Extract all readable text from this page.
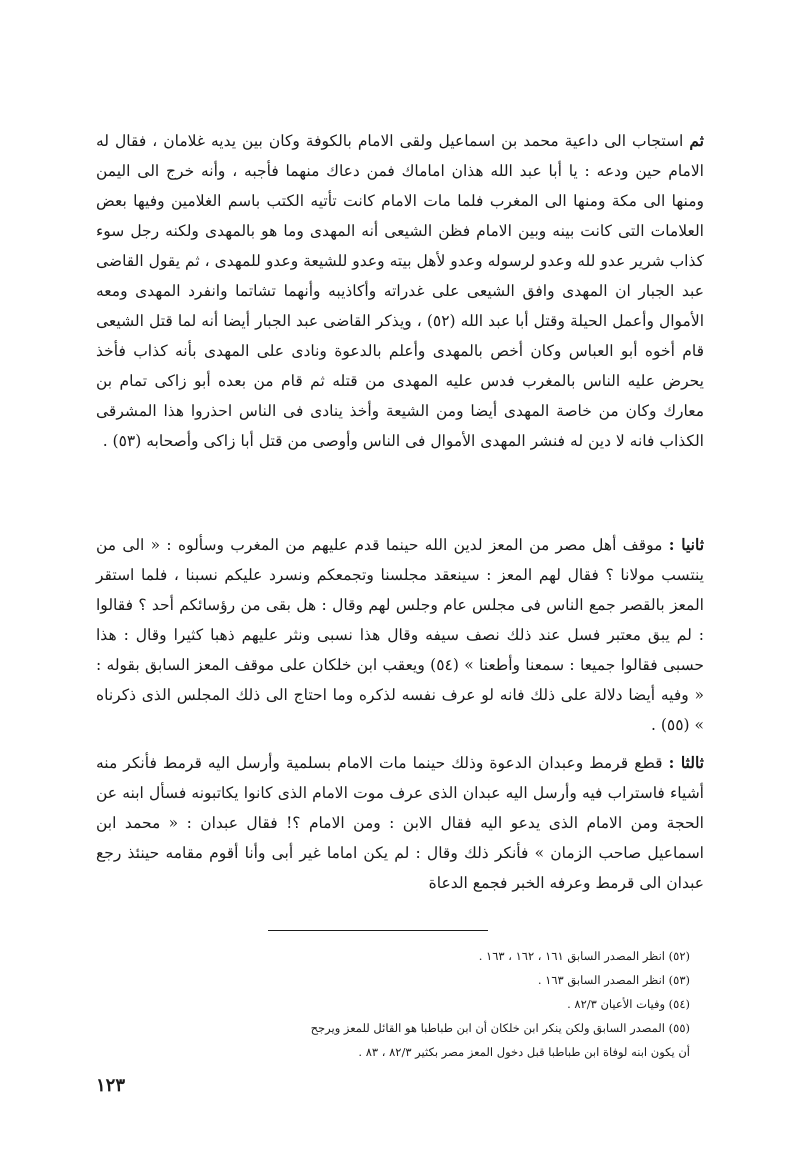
ثم استجاب الى داعية محمد بن اسماعيل ولقى الامام بالكوفة وكان بين يديه غلامان ، فقال له الامام حين ودعه : يا أبا عبد الله هذان اماماك فمن دعاك منهما فأجبه ، وأنه خرج الى اليمن ومنها الى مكة ومنها الى المغرب فلما مات الامام كانت تأتيه الكتب باسم الغلامين وفيها بعض العلامات التى كانت بينه وبين الامام فظن الشيعى أنه المهدى وما هو بالمهدى ولكنه رجل سوء كذاب شرير عدو لله وعدو لرسوله وعدو لأهل بيته وعدو للشيعة وعدو للمهدى ، ثم يقول القاضى عبد الجبار ان المهدى وافق الشيعى على غدراته وأكاذيبه وأنهما تشاتما وانفرد المهدى ومعه الأموال وأعمل الحيلة وقتل أبا عبد الله (٥٢) ، ويذكر القاضى عبد الجبار أيضا أنه لما قتل الشيعى قام أخوه أبو العباس وكان أخص بالمهدى وأعلم بالدعوة ونادى على المهدى بأنه كذاب فأخذ يحرض عليه الناس بالمغرب فدس عليه المهدى من قتله ثم قام من بعده أبو زاكى تمام بن معارك وكان من خاصة المهدى أيضا ومن الشيعة وأخذ ينادى فى الناس احذروا هذا المشرقى الكذاب فانه لا دين له فنشر المهدى الأموال فى الناس وأوصى من قتل أبا زاكى وأصحابه (٥٣) .

ثانيا : موقف أهل مصر من المعز لدين الله حينما قدم عليهم من المغرب وسألوه : « الى من ينتسب مولانا ؟ فقال لهم المعز : سينعقد مجلسنا وتجمعكم ونسرد عليكم نسبنا ، فلما استقر المعز بالقصر جمع الناس فى مجلس عام وجلس لهم وقال : هل بقى من رؤسائكم أحد ؟ فقالوا : لم يبق معتبر فسل عند ذلك نصف سيفه وقال هذا نسبى ونثر عليهم ذهبا كثيرا وقال : هذا حسبى فقالوا جميعا : سمعنا وأطعنا » (٥٤) ويعقب ابن خلكان على موقف المعز السابق بقوله : « وفيه أيضا دلالة على ذلك فانه لو عرف نفسه لذكره وما احتاج الى ذلك المجلس الذى ذكرناه » (٥٥) .

ثالثا : قطع قرمط وعبدان الدعوة وذلك حينما مات الامام بسلمية وأرسل اليه قرمط فأنكر منه أشياء فاستراب فيه وأرسل اليه عبدان الذى عرف موت الامام الذى كانوا يكاتبونه فسأل ابنه عن الحجة ومن الامام الذى يدعو اليه فقال الابن : ومن الامام ؟! فقال عبدان : « محمد ابن اسماعيل صاحب الزمان » فأنكر ذلك وقال : لم يكن اماما غير أبى وأنا أقوم مقامه حينئذ رجع عبدان الى قرمط وعرفه الخبر فجمع الدعاة

(٥٢) انظر المصدر السابق ١٦١ ، ١٦٢ ، ١٦٣ .

(٥٣) انظر المصدر السابق ١٦٣ .

(٥٤) وفيات الأعيان ٨٢/٣ .

(٥٥) المصدر السابق ولكن ينكر ابن خلكان أن ابن طباطبا هو القائل للمعز ويرجح

أن يكون ابنه لوفاة ابن طباطبا قبل دخول المعز مصر بكثير ٨٢/٣ ، ٨٣ .

١٢٣
